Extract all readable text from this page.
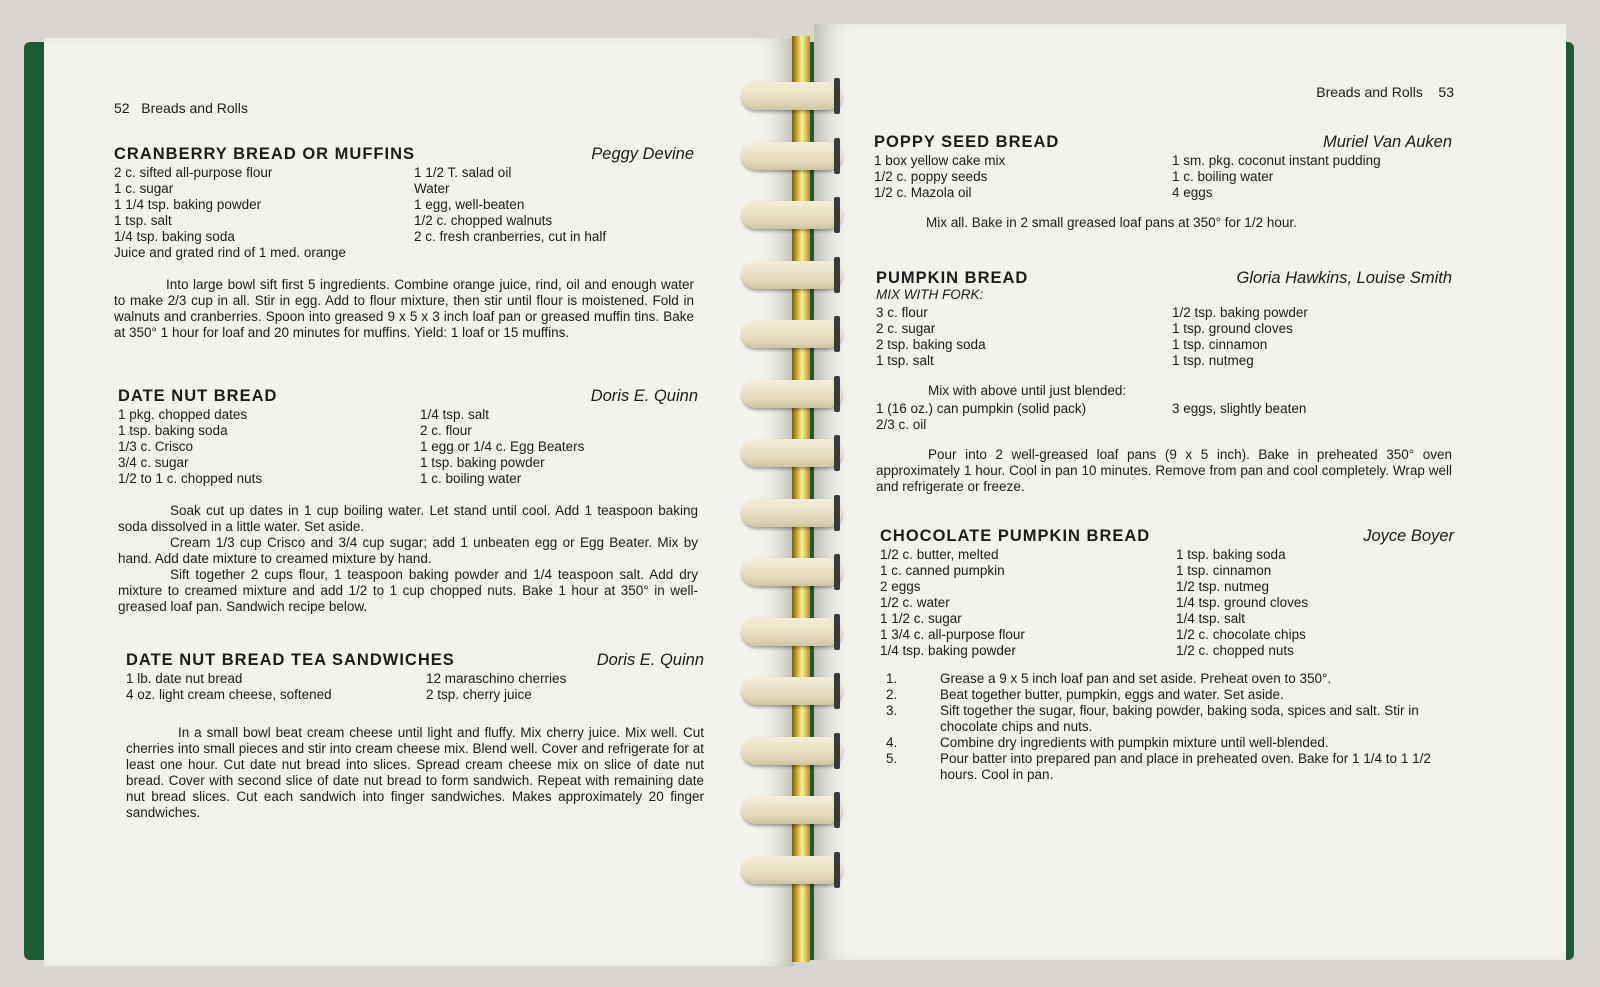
52 Breads and Rolls
CRANBERRY BREAD OR MUFFINS	Peggy Devine
2 c. sifted all-purpose flour
1 c. sugar
1 1/4 tsp. baking powder
1 tsp. salt
1/4 tsp. baking soda
Juice and grated rind of 1 med. orange
1 1/2 T. salad oil
Water
1 egg, well-beaten
1/2 c. chopped walnuts
2 c. fresh cranberries, cut in half

Into large bowl sift first 5 ingredients. Combine orange juice, rind, oil and enough water to make 2/3 cup in all. Stir in egg. Add to flour mixture, then stir until flour is moistened. Fold in walnuts and cranberries. Spoon into greased 9 x 5 x 3 inch loaf pan or greased muffin tins. Bake at 350° 1 hour for loaf and 20 minutes for muffins. Yield: 1 loaf or 15 muffins.

DATE NUT BREAD	Doris E. Quinn
1 pkg. chopped dates
1 tsp. baking soda
1/3 c. Crisco
3/4 c. sugar
1/2 to 1 c. chopped nuts
1/4 tsp. salt
2 c. flour
1 egg or 1/4 c. Egg Beaters
1 tsp. baking powder
1 c. boiling water

Soak cut up dates in 1 cup boiling water. Let stand until cool. Add 1 teaspoon baking soda dissolved in a little water. Set aside.

Cream 1/3 cup Crisco and 3/4 cup sugar; add 1 unbeaten egg or Egg Beater. Mix by hand. Add date mixture to creamed mixture by hand.

Sift together 2 cups flour, 1 teaspoon baking powder and 1/4 teaspoon salt. Add dry mixture to creamed mixture and add 1/2 to 1 cup chopped nuts. Bake 1 hour at 350° in well-greased loaf pan. Sandwich recipe below.

DATE NUT BREAD TEA SANDWICHES	Doris E. Quinn
1 lb. date nut bread
4 oz. light cream cheese, softened
12 maraschino cherries
2 tsp. cherry juice

In a small bowl beat cream cheese until light and fluffy. Mix cherry juice. Mix well. Cut cherries into small pieces and stir into cream cheese mix. Blend well. Cover and refrigerate for at least one hour. Cut date nut bread into slices. Spread cream cheese mix on slice of date nut bread. Cover with second slice of date nut bread to form sandwich. Repeat with remaining date nut bread slices. Cut each sandwich into finger sandwiches. Makes approximately 20 finger sandwiches.

Breads and Rolls 53
POPPY SEED BREAD	Muriel Van Auken
1 box yellow cake mix
1/2 c. poppy seeds
1/2 c. Mazola oil
1 sm. pkg. coconut instant pudding
1 c. boiling water
4 eggs

Mix all. Bake in 2 small greased loaf pans at 350° for 1/2 hour.

PUMPKIN BREAD	Gloria Hawkins, Louise Smith
MIX WITH FORK:
3 c. flour
2 c. sugar
2 tsp. baking soda
1 tsp. salt
1/2 tsp. baking powder
1 tsp. ground cloves
1 tsp. cinnamon
1 tsp. nutmeg
Mix with above until just blended:
1 (16 oz.) can pumpkin (solid pack)
2/3 c. oil
3 eggs, slightly beaten

Pour into 2 well-greased loaf pans (9 x 5 inch). Bake in preheated 350° oven approximately 1 hour. Cool in pan 10 minutes. Remove from pan and cool completely. Wrap well and refrigerate or freeze.

CHOCOLATE PUMPKIN BREAD	Joyce Boyer
1/2 c. butter, melted
1 c. canned pumpkin
2 eggs
1/2 c. water
1 1/2 c. sugar
1 3/4 c. all-purpose flour
1/4 tsp. baking powder
1 tsp. baking soda
1 tsp. cinnamon
1/2 tsp. nutmeg
1/4 tsp. ground cloves
1/4 tsp. salt
1/2 c. chocolate chips
1/2 c. chopped nuts
1.	Grease a 9 x 5 inch loaf pan and set aside. Preheat oven to 350°.
2.	Beat together butter, pumpkin, eggs and water. Set aside.
3.	Sift together the sugar, flour, baking powder, baking soda, spices and salt. Stir in chocolate chips and nuts.
4.	Combine dry ingredients with pumpkin mixture until well-blended.
5.	Pour batter into prepared pan and place in preheated oven. Bake for 1 1/4 to 1 1/2 hours. Cool in pan.
